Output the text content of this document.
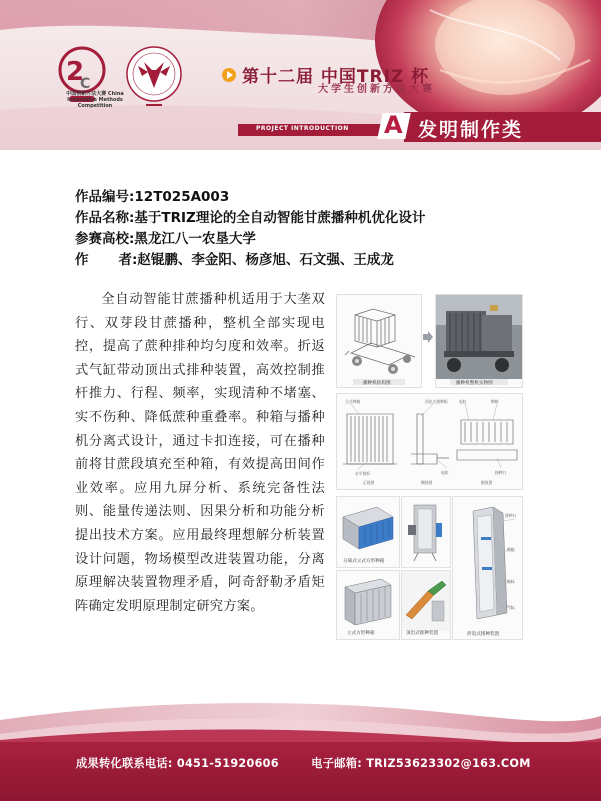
2
C
中国创新方法大赛 China Innovative Methods Competition
第十二届 中国TRIZ 杯
大学生创新方法大赛
PROJECT INTRODUCTION A 发明制作类
作品编号:12T025A003
作品名称:基于TRIZ理论的全自动智能甘蔗播种机优化设计
参赛高校:黑龙江八一农垦大学
作 者:赵锟鹏、李金阳、杨彦旭、石文强、王成龙
全自动智能甘蔗播种机适用于大垄双行、双芽段甘蔗播种，整机全部实现电控，提高了蔗种排种均匀度和效率。折返式气缸带动顶出式排种装置，高效控制推杆推力、行程、频率，实现清种不堵塞、实不伤种、降低蔗种重叠率。种箱与播种机分离式设计，通过卡扣连接，可在播种前将甘蔗段填充至种箱，有效提高田间作业效率。应用九屏分析、系统完备性法则、能量传递法则、因果分析和功能分析提出技术方案。应用最终理想解分析装置设计问题，物场模型改进装置功能，分离原理解决装置物理矛盾，阿奇舒勒矛盾矩阵确定发明原理制定研究方案。
播种机结构图	播种机整机实物图
立式种箱
水平推杆
顶出式推种板	电缸	种箱
电缸	接种口
正视图	侧视图	俯视图
分离式立式方形种箱
排种口
种箱
推杆
气缸
折返式排种装置
立式方形种箱	顶出式推种装置
成果转化联系电话: 0451-51920606	电子邮箱: TRIZ53623302@163.COM
